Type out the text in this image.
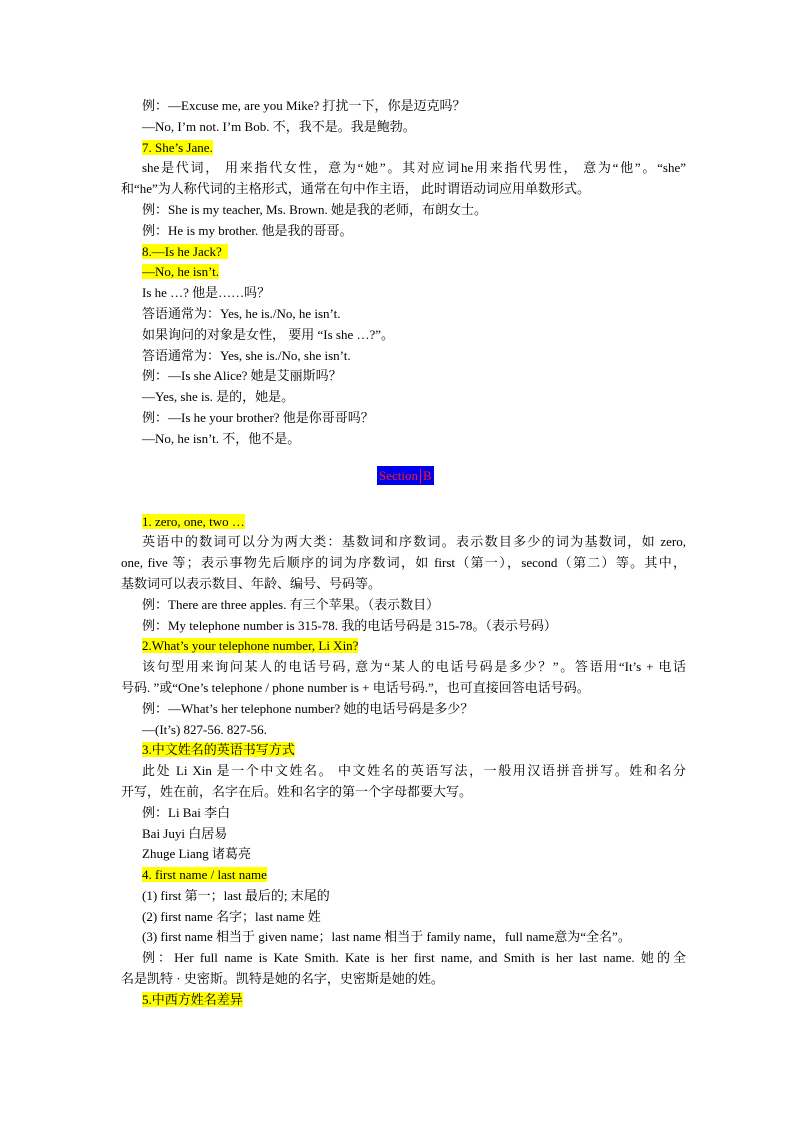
例：—Excuse me, are you Mike? 打扰一下，你是迈克吗？
—No, I’m not. I’m Bob. 不，我不是。我是鲍勃。
7. She’s Jane.
she是代词， 用来指代女性，意为“她”。其对应词he用来指代男性， 意为“他”。“she”
和“he”为人称代词的主格形式，通常在句中作主语， 此时谓语动词应用单数形式。
例：She is my teacher, Ms. Brown. 她是我的老师，布朗女士。
例：He is my brother. 他是我的哥哥。
8.—Is he Jack?
—No, he isn’t.
Is he …? 他是……吗？
答语通常为：Yes, he is./No, he isn’t.
如果询问的对象是女性， 要用 “Is she …?”。
答语通常为：Yes, she is./No, she isn’t.
例：—Is she Alice? 她是艾丽斯吗？
—Yes, she is. 是的，她是。
例：—Is he your brother? 他是你哥哥吗？
—No, he isn’t. 不，他不是。
Section B
1. zero, one, two …
英语中的数词可以分为两大类：基数词和序数词。表示数目多少的词为基数词，如 zero,
one, five 等；表示事物先后顺序的词为序数词，如 first（第一），second（第二）等。其中，
基数词可以表示数目、年龄、编号、号码等。
例：There are three apples. 有三个苹果。（表示数目）
例：My telephone number is 315-78. 我的电话号码是 315-78。（表示号码）
2.What’s your telephone number, Li Xin?
该句型用来询问某人的电话号码, 意为“某人的电话号码是多少？”。答语用“It’s + 电话
号码. ”或“One’s telephone / phone number is + 电话号码.”，也可直接回答电话号码。
例：—What’s her telephone number? 她的电话号码是多少？
—(It’s) 827-56. 827-56.
3.中文姓名的英语书写方式
此处 Li Xin 是一个中文姓名。 中文姓名的英语写法，一般用汉语拼音拼写。姓和名分
开写，姓在前，名字在后。姓和名字的第一个字母都要大写。
例：Li Bai 李白
Bai Juyi 白居易
Zhuge Liang 诸葛亮
4. first name / last name
(1) first 第一；last 最后的; 末尾的
(2) first name 名字；last name 姓
(3) first name 相当于 given name；last name 相当于 family name，full name意为“全名”。
例：Her full name is Kate Smith. Kate is her first name, and Smith is her last name. 她的全
名是凯特 · 史密斯。凯特是她的名字，史密斯是她的姓。
5.中西方姓名差异
